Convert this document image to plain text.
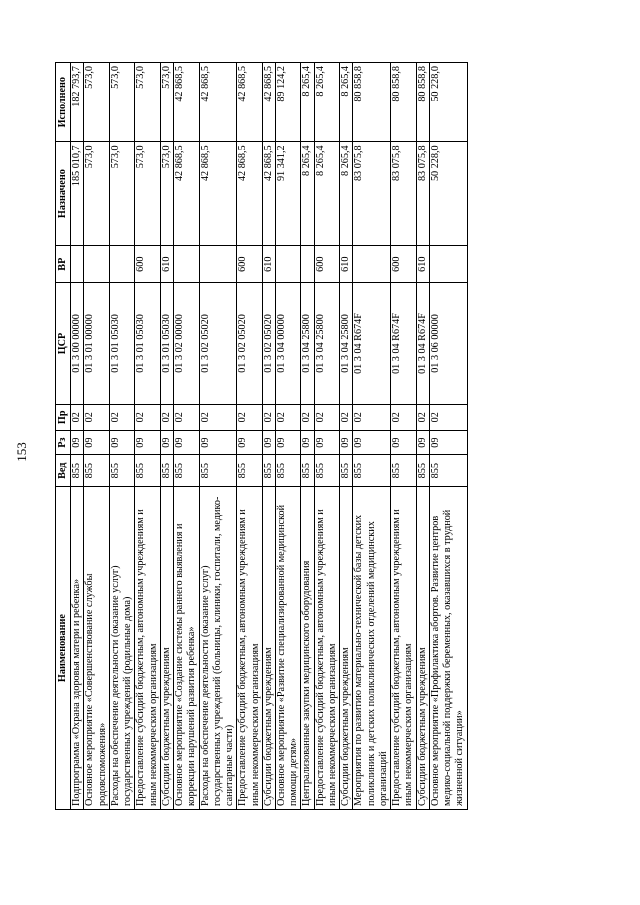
153
Наименование	Вед	Рз	Пр	ЦСР	ВР	Назначено	Исполнено
Подпрограмма «Охрана здоровья матери и ребенка»	855	09	02	01 3 00 00000		185 010,7	182 793,7
Основное мероприятие «Совершенствование службы родовспоможения»	855	09	02	01 3 01 00000		573,0	573,0
Расходы на обеспечение деятельности (оказание услуг) государственных учреждений (родильные дома)	855	09	02	01 3 01 05030		573,0	573,0
Предоставление субсидий бюджетным, автономным учреждениям и иным некоммерческим организациям	855	09	02	01 3 01 05030	600	573,0	573,0
Субсидии бюджетным учреждениям	855	09	02	01 3 01 05030	610	573,0	573,0
Основное мероприятие «Создание системы раннего выявления и коррекции нарушений развития ребенка»	855	09	02	01 3 02 00000		42 868,5	42 868,5
Расходы на обеспечение деятельности (оказание услуг) государственных учреждений (больницы, клиники, госпитали, медико-санитарные части)	855	09	02	01 3 02 05020		42 868,5	42 868,5
Предоставление субсидий бюджетным, автономным учреждениям и иным некоммерческим организациям	855	09	02	01 3 02 05020	600	42 868,5	42 868,5
Субсидии бюджетным учреждениям	855	09	02	01 3 02 05020	610	42 868,5	42 868,5
Основное мероприятие «Развитие специализированной медицинской помощи детям»	855	09	02	01 3 04 00000		91 341,2	89 124,2
Централизованные закупки медицинского оборудования	855	09	02	01 3 04 25800		8 265,4	8 265,4
Предоставление субсидий бюджетным, автономным учреждениям и иным некоммерческим организациям	855	09	02	01 3 04 25800	600	8 265,4	8 265,4
Субсидии бюджетным учреждениям	855	09	02	01 3 04 25800	610	8 265,4	8 265,4
Мероприятия по развитию материально-технической базы детских поликлиник и детских поликлинических отделений медицинских организаций	855	09	02	01 3 04 R674F		83 075,8	80 858,8
Предоставление субсидий бюджетным, автономным учреждениям и иным некоммерческим организациям	855	09	02	01 3 04 R674F	600	83 075,8	80 858,8
Субсидии бюджетным учреждениям	855	09	02	01 3 04 R674F	610	83 075,8	80 858,8
Основное мероприятие «Профилактика абортов. Развитие центров медико-социальной поддержки беременных, оказавшихся в трудной жизненной ситуации»	855	09	02	01 3 06 00000		50 228,0	50 228,0
